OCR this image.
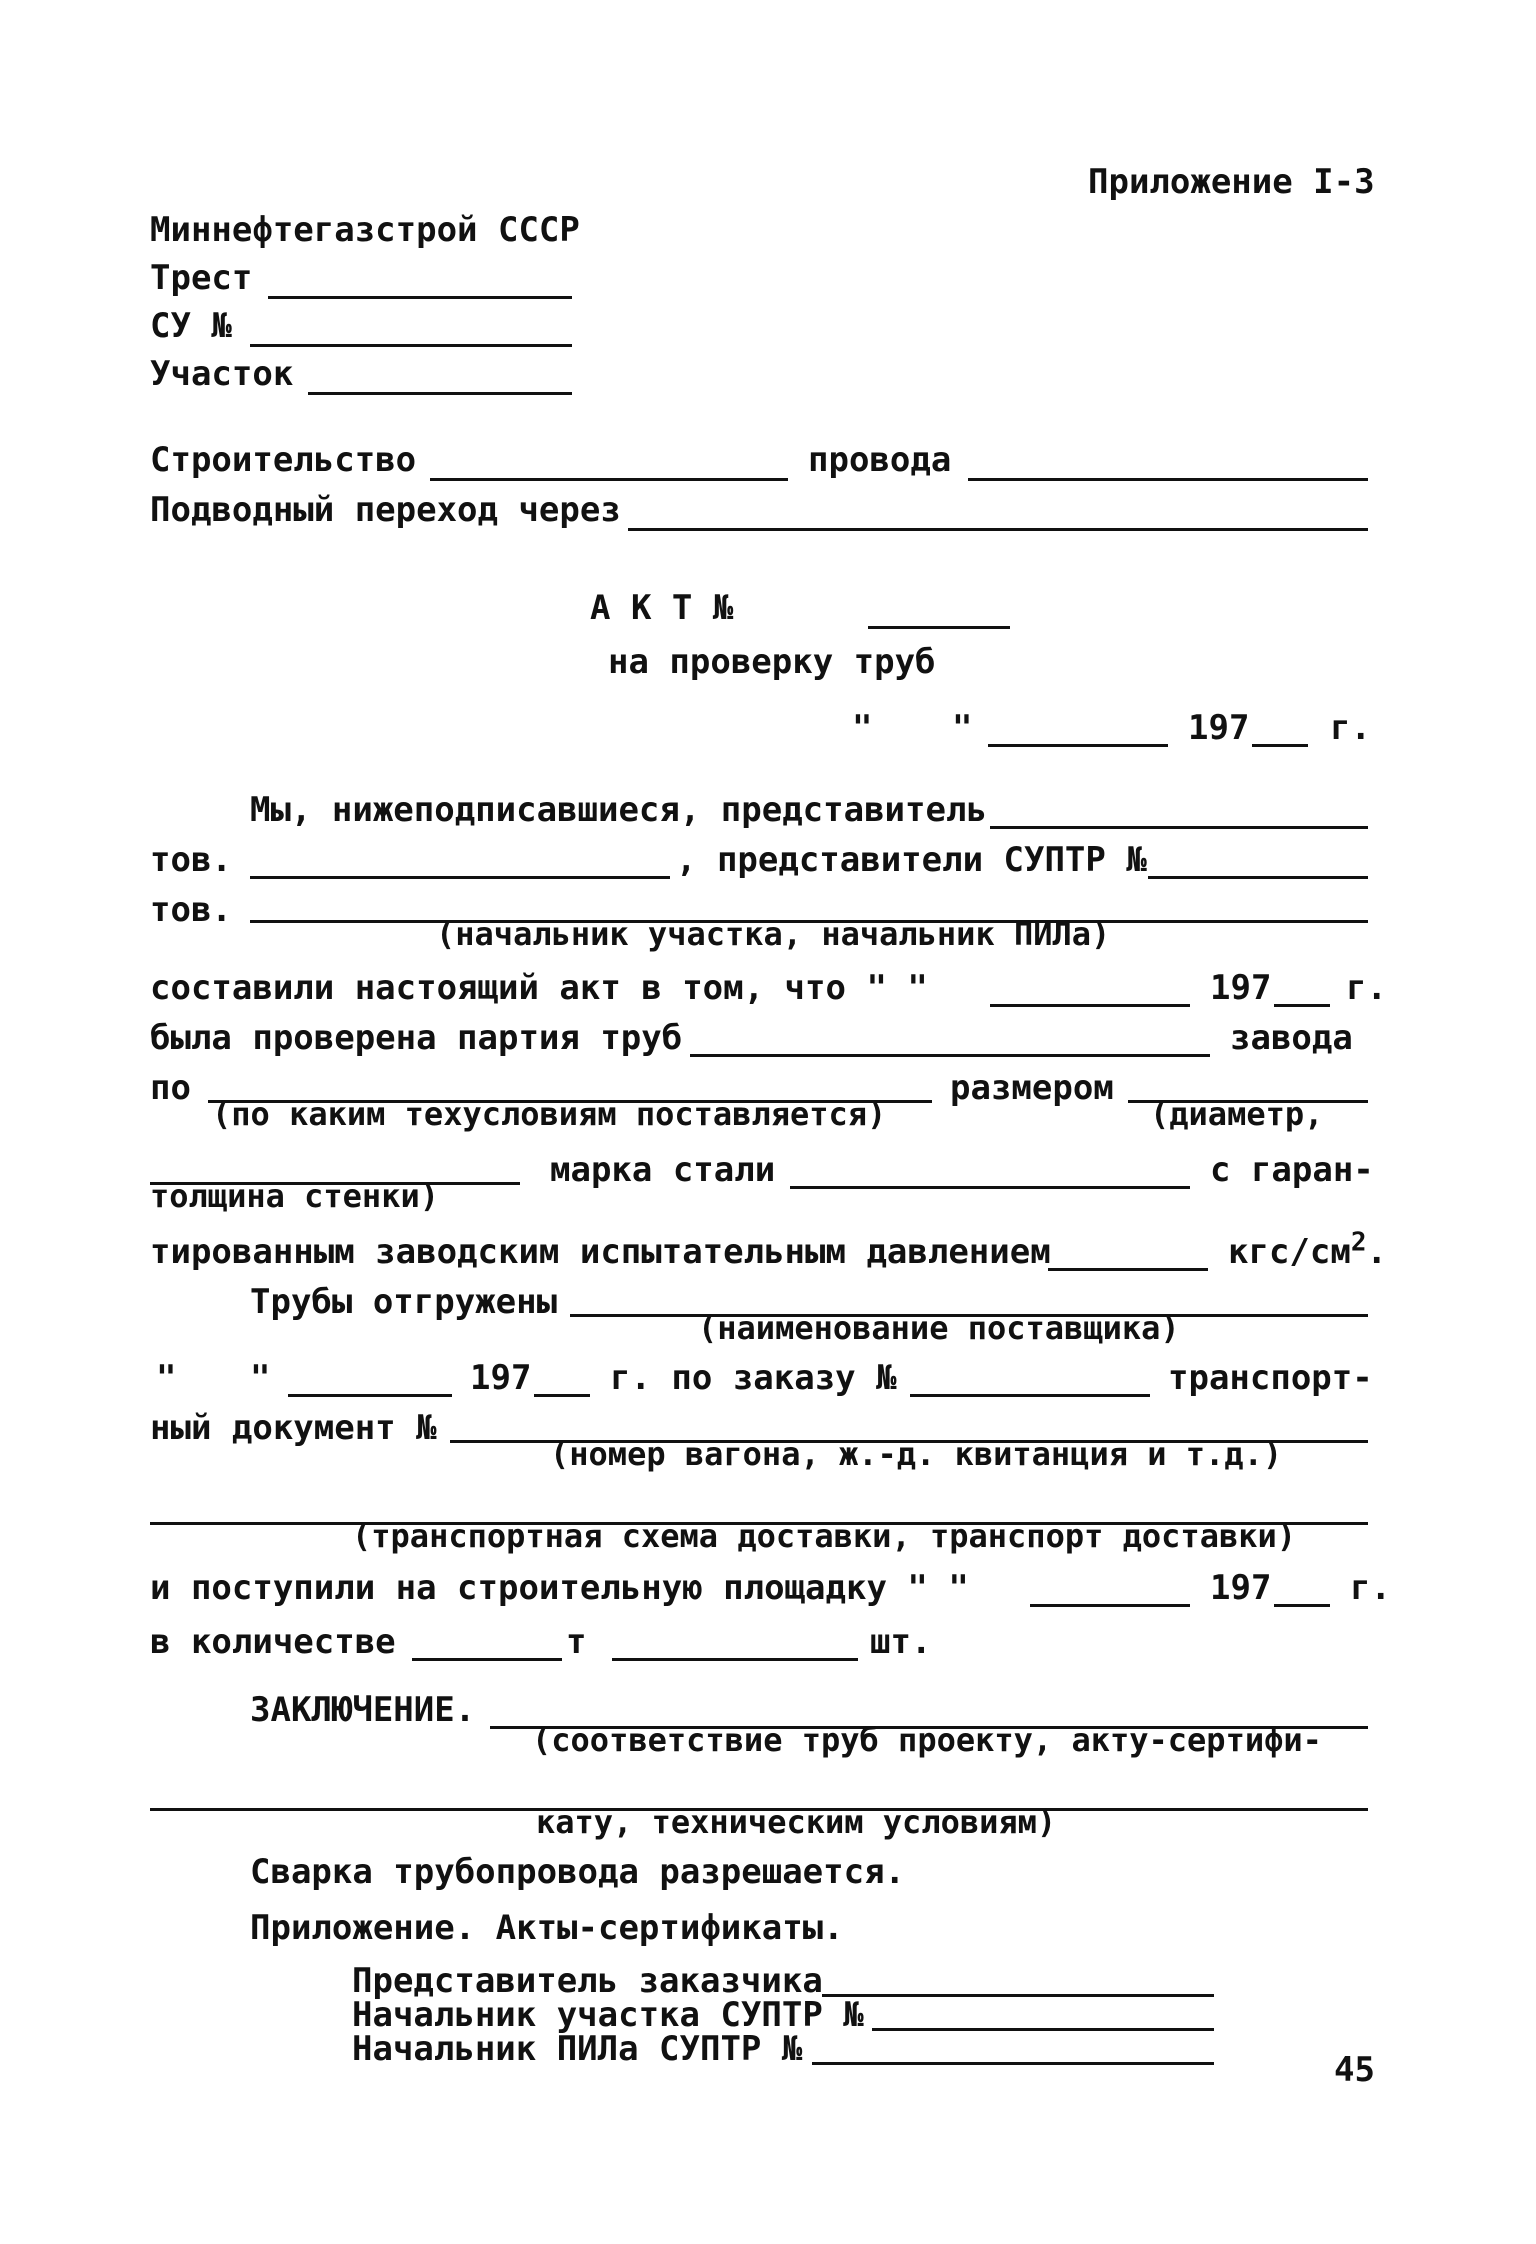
Приложение I-3
Миннефтегазстрой СССР
Трест
СУ №
Участок
Строительство	провода
Подводный переход через
А К Т №
на проверку труб
" "	197 г.
Мы, нижеподписавшиеся, представитель
тов.	, представители СУПТР №
тов.
(начальник участка, начальник ПИЛа)
составили настоящий акт в том, что " "	197 г.
была проверена партия труб	завода
по	размером
(по каким техусловиям поставляется)	(диаметр,
толщина стенки)
марка стали	с гаран-
тированным заводским испытательным давлением	кгс/$см^2$.
Трубы отгружены
(наименование поставщика)
" "	197 г. по заказу №	транспорт-
ный документ №
(номер вагона, ж.-д. квитанция и т.д.)
(транспортная схема доставки, транспорт доставки)
и поступили на строительную площадку " "	197 г.
в количестве	т	шт.
ЗАКЛЮЧЕНИЕ.
(соответствие труб проекту, акту-сертифи-
кату, техническим условиям)
Сварка трубопровода разрешается.
Приложение. Акты-сертификаты.
Представитель заказчика
Начальник участка СУПТР №
Начальник ПИЛа СУПТР №
45
